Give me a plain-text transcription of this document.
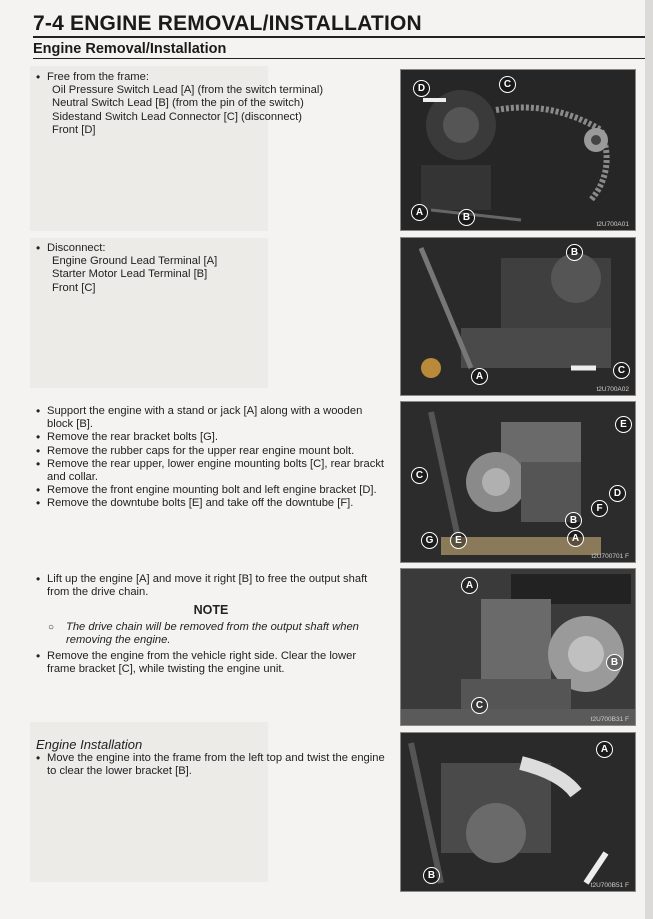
7-4 ENGINE REMOVAL/INSTALLATION
Engine Removal/Installation
• Free from the frame:
Oil Pressure Switch Lead [A] (from the switch terminal)
Neutral Switch Lead [B] (from the pin of the switch)
Sidestand Switch Lead Connector [C] (disconnect)
Front [D]
• Disconnect:
Engine Ground Lead Terminal [A]
Starter Motor Lead Terminal [B]
Front [C]
• Support the engine with a stand or jack [A] along with a wooden block [B].
• Remove the rear bracket bolts [G].
• Remove the rubber caps for the upper rear engine mount bolt.
• Remove the rear upper, lower engine mounting bolts [C], rear brackt and collar.
• Remove the front engine mounting bolt and left engine bracket [D].
• Remove the downtube bolts [E] and take off the downtube [F].
• Lift up the engine [A] and move it right [B] to free the output shaft from the drive chain.
NOTE
○ The drive chain will be removed from the output shaft when removing the engine.
• Remove the engine from the vehicle right side. Clear the lower frame bracket [C], while twisting the engine unit.
Engine Installation
• Move the engine into the frame from the left top and twist the engine to clear the lower bracket [B].
D	C
A	B
t2U700A01
B
A
C
t2U700A02
E
C
D
F
B
G	E	A
t2U700701 F
A
B
C
t2U700B31 F
A
B
t2U700B51 F
